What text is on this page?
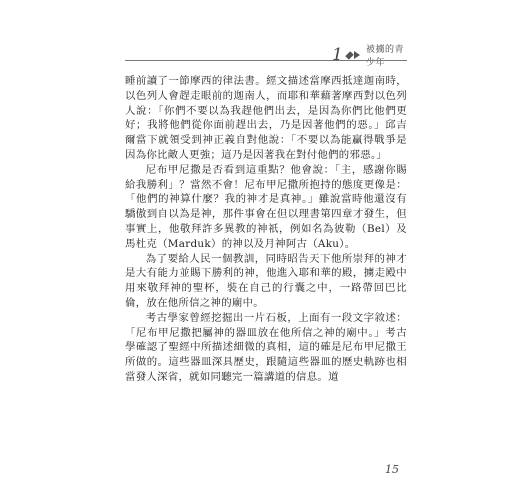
1	被擄的青少年

睡前讀了一節摩西的律法書。經文描述當摩西抵達迦南時，以色列人會趕走眼前的迦南人，而耶和華藉著摩西對以色列人說：「你們不要以為我趕他們出去，是因為你們比他們更好；我將他們從你面前趕出去，乃是因著他們的惡。」邱吉爾當下就領受到神正義自對他說：「不要以為能贏得戰爭是因為你比敵人更強；這乃是因著我在對付他們的邪惡。」

尼布甲尼撒是否看到這重點？他會說：「主，感謝你賜給我勝利」？當然不會！尼布甲尼撒所抱持的態度更像是：「他們的神算什麼？我的神才是真神。」雖說當時他還沒有驕傲到自以為是神，那件事會在但以理書第四章才發生，但事實上，他敬拜許多異教的神祇，例如名為彼勒（Bel）及馬杜克（Marduk）的神以及月神阿古（Aku）。

為了要給人民一個教訓，同時昭告天下他所崇拜的神才是大有能力並賜下勝利的神，他進入耶和華的殿，擄走殿中用來敬拜神的聖杯，裝在自己的行囊之中，一路帶回巴比倫，放在他所信之神的廟中。

考古學家曾經挖掘出一片石板，上面有一段文字敘述：「尼布甲尼撒把屬神的器皿放在他所信之神的廟中。」考古學確認了聖經中所描述細微的真相，這的確是尼布甲尼撒王所做的。這些器皿深具歷史，跟隨這些器皿的歷史軌跡也相當發人深省，就如同聽完一篇講道的信息。道

15
